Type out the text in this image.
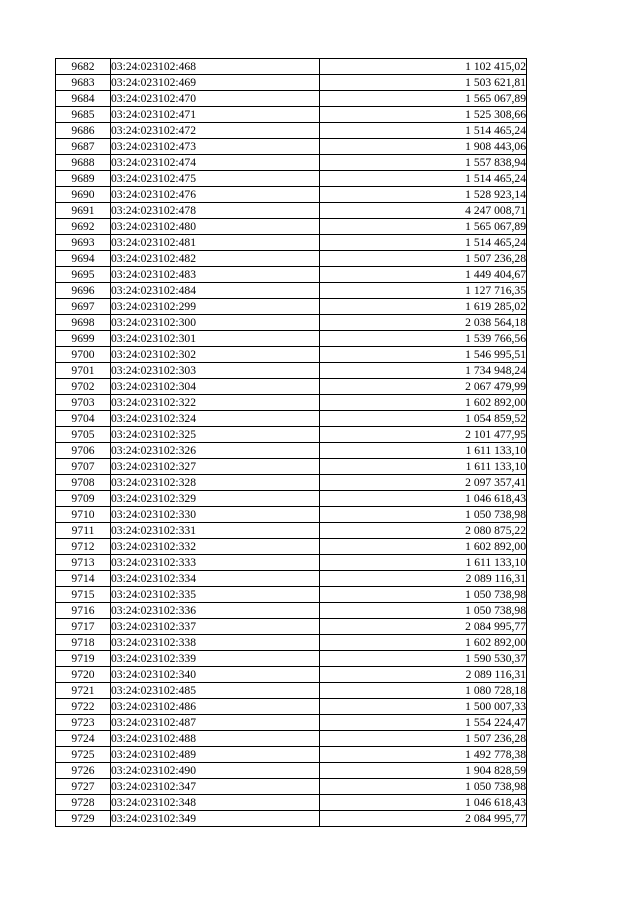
9682	03:24:023102:468	1 102 415,02
9683	03:24:023102:469	1 503 621,81
9684	03:24:023102:470	1 565 067,89
9685	03:24:023102:471	1 525 308,66
9686	03:24:023102:472	1 514 465,24
9687	03:24:023102:473	1 908 443,06
9688	03:24:023102:474	1 557 838,94
9689	03:24:023102:475	1 514 465,24
9690	03:24:023102:476	1 528 923,14
9691	03:24:023102:478	4 247 008,71
9692	03:24:023102:480	1 565 067,89
9693	03:24:023102:481	1 514 465,24
9694	03:24:023102:482	1 507 236,28
9695	03:24:023102:483	1 449 404,67
9696	03:24:023102:484	1 127 716,35
9697	03:24:023102:299	1 619 285,02
9698	03:24:023102:300	2 038 564,18
9699	03:24:023102:301	1 539 766,56
9700	03:24:023102:302	1 546 995,51
9701	03:24:023102:303	1 734 948,24
9702	03:24:023102:304	2 067 479,99
9703	03:24:023102:322	1 602 892,00
9704	03:24:023102:324	1 054 859,52
9705	03:24:023102:325	2 101 477,95
9706	03:24:023102:326	1 611 133,10
9707	03:24:023102:327	1 611 133,10
9708	03:24:023102:328	2 097 357,41
9709	03:24:023102:329	1 046 618,43
9710	03:24:023102:330	1 050 738,98
9711	03:24:023102:331	2 080 875,22
9712	03:24:023102:332	1 602 892,00
9713	03:24:023102:333	1 611 133,10
9714	03:24:023102:334	2 089 116,31
9715	03:24:023102:335	1 050 738,98
9716	03:24:023102:336	1 050 738,98
9717	03:24:023102:337	2 084 995,77
9718	03:24:023102:338	1 602 892,00
9719	03:24:023102:339	1 590 530,37
9720	03:24:023102:340	2 089 116,31
9721	03:24:023102:485	1 080 728,18
9722	03:24:023102:486	1 500 007,33
9723	03:24:023102:487	1 554 224,47
9724	03:24:023102:488	1 507 236,28
9725	03:24:023102:489	1 492 778,38
9726	03:24:023102:490	1 904 828,59
9727	03:24:023102:347	1 050 738,98
9728	03:24:023102:348	1 046 618,43
9729	03:24:023102:349	2 084 995,77
